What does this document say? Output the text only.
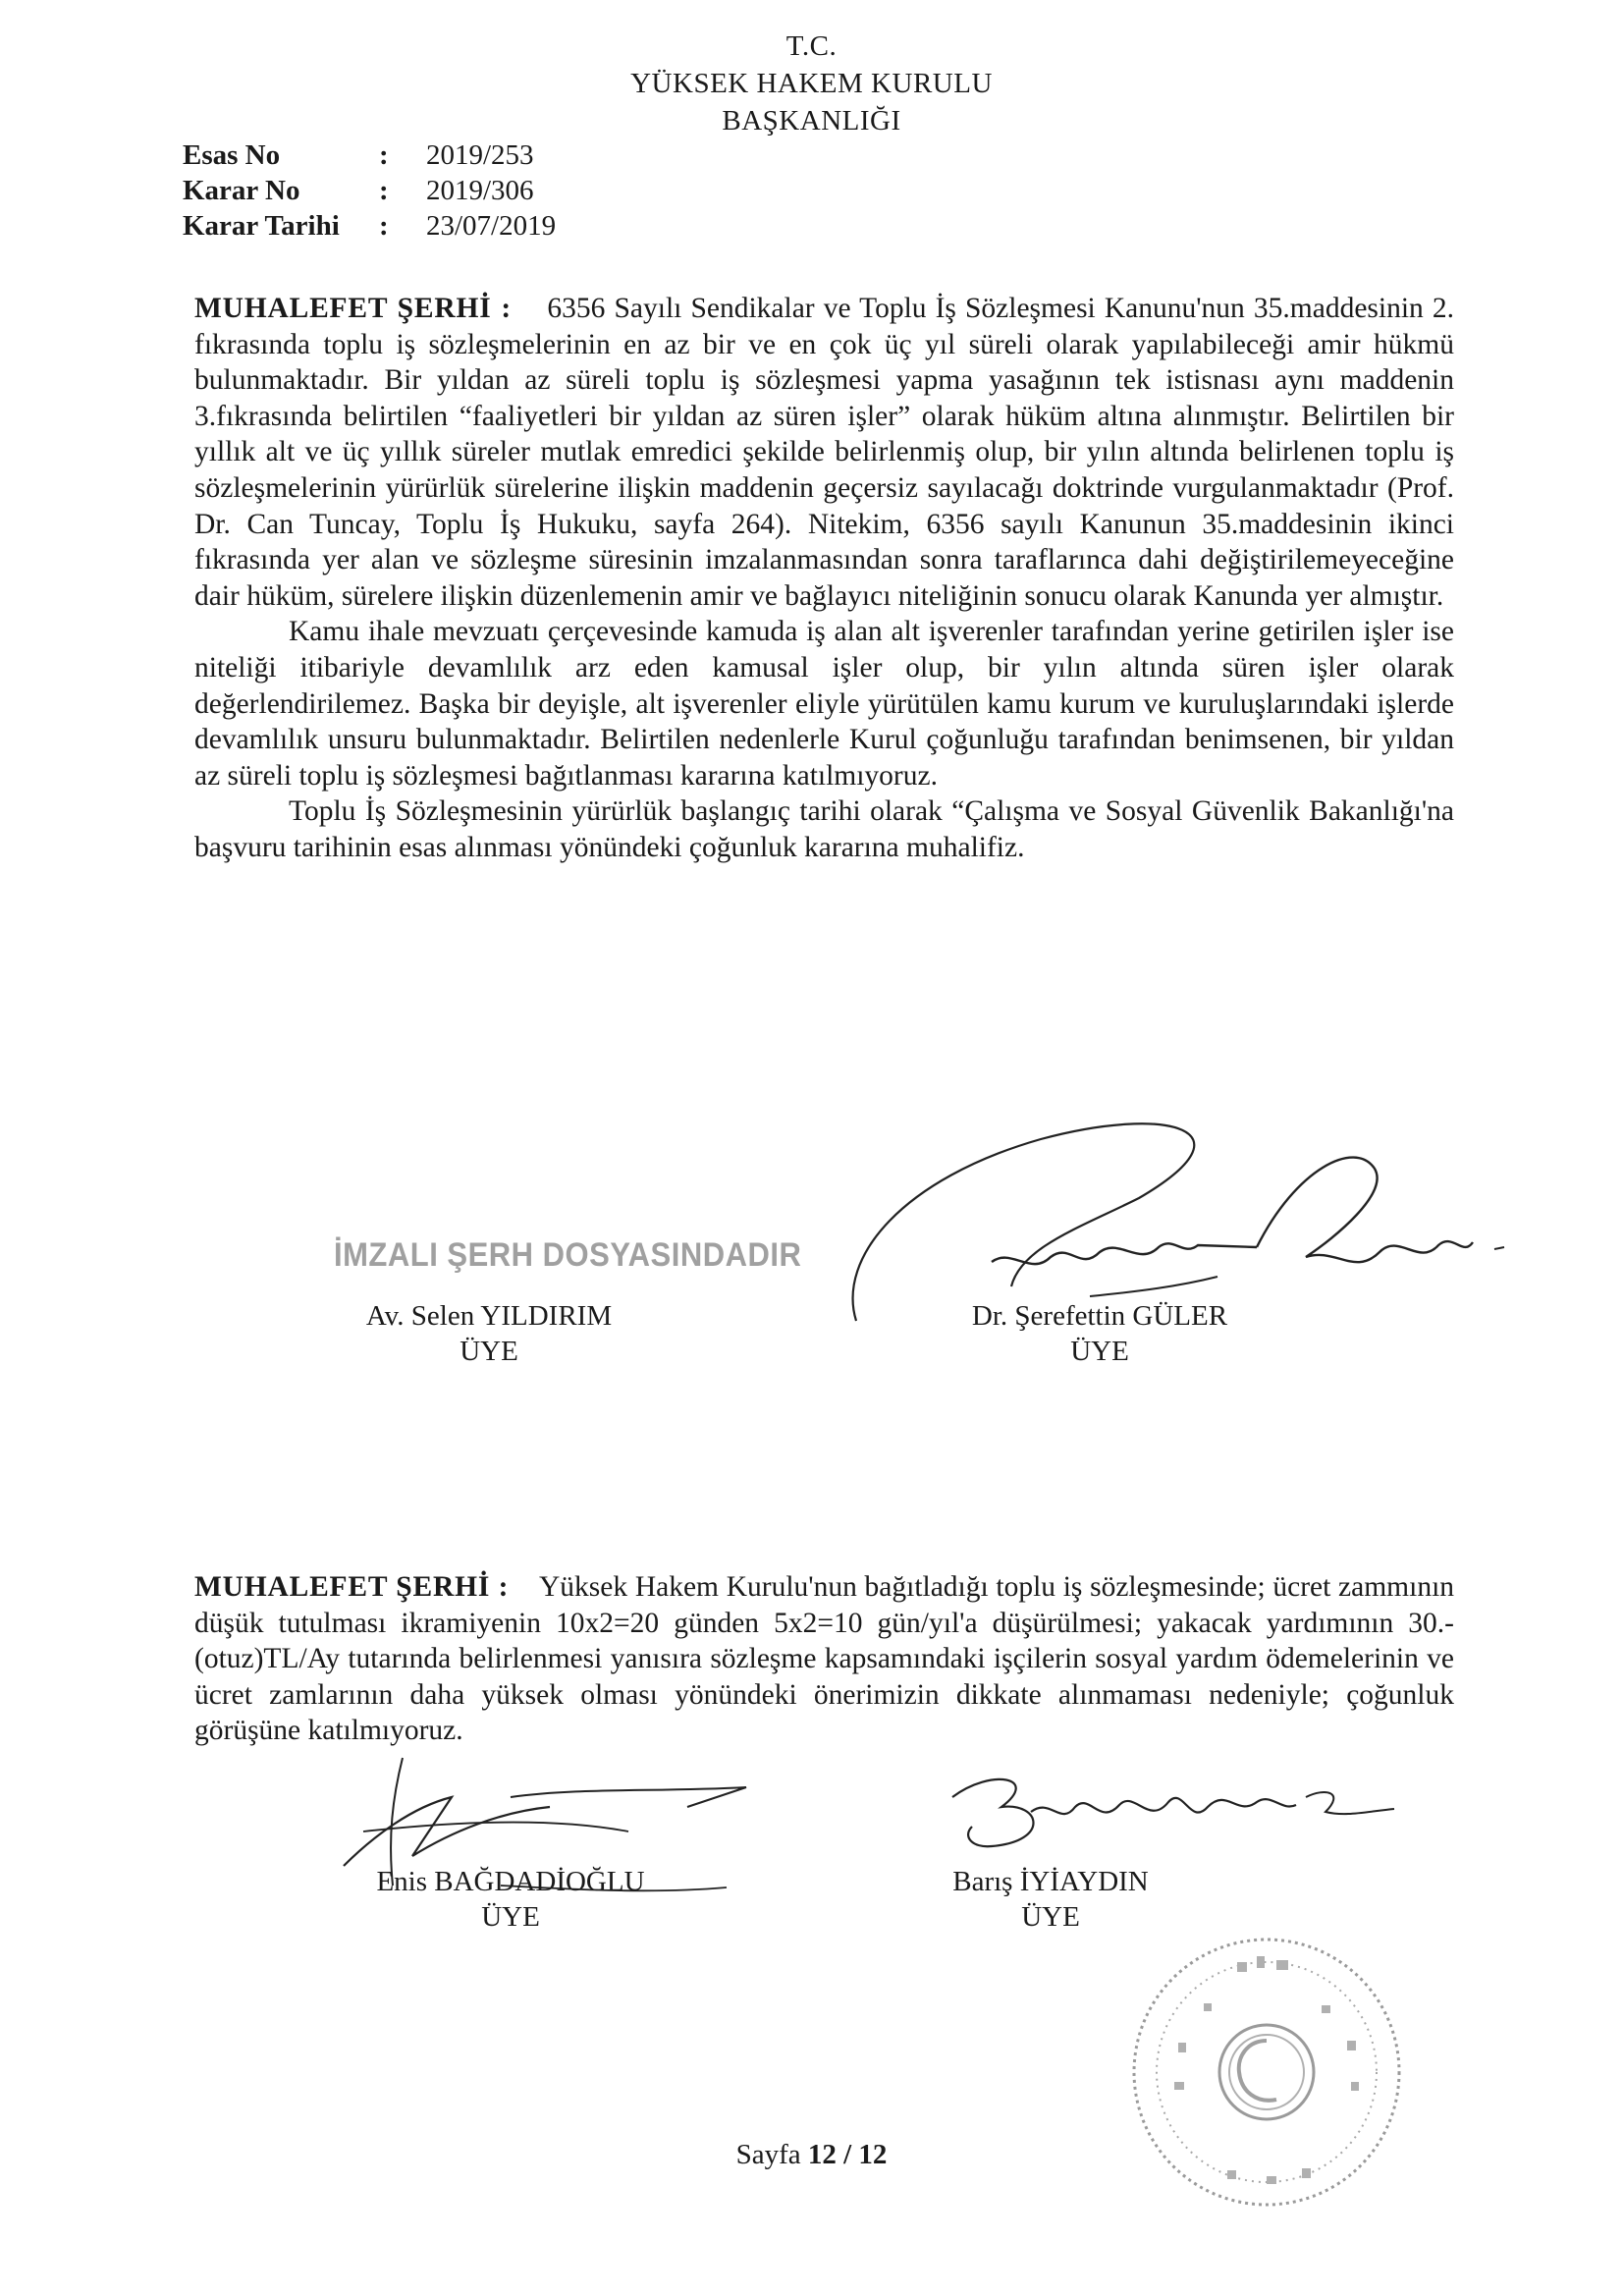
T.C.
YÜKSEK HAKEM KURULU
BAŞKANLIĞI
Esas No	:	2019/253
Karar No	:	2019/306
Karar Tarihi	:	23/07/2019

MUHALEFET ŞERHİ : 6356 Sayılı Sendikalar ve Toplu İş Sözleşmesi Kanunu'nun 35.maddesinin 2. fıkrasında toplu iş sözleşmelerinin en az bir ve en çok üç yıl süreli olarak yapılabileceği amir hükmü bulunmaktadır. Bir yıldan az süreli toplu iş sözleşmesi yapma yasağının tek istisnası aynı maddenin 3.fıkrasında belirtilen “faaliyetleri bir yıldan az süren işler” olarak hüküm altına alınmıştır. Belirtilen bir yıllık alt ve üç yıllık süreler mutlak emredici şekilde belirlenmiş olup, bir yılın altında belirlenen toplu iş sözleşmelerinin yürürlük sürelerine ilişkin maddenin geçersiz sayılacağı doktrinde vurgulanmaktadır (Prof. Dr. Can Tuncay, Toplu İş Hukuku, sayfa 264). Nitekim, 6356 sayılı Kanunun 35.maddesinin ikinci fıkrasında yer alan ve sözleşme süresinin imzalanmasından sonra taraflarınca dahi değiştirilemeyeceğine dair hüküm, sürelere ilişkin düzenlemenin amir ve bağlayıcı niteliğinin sonucu olarak Kanunda yer almıştır.

Kamu ihale mevzuatı çerçevesinde kamuda iş alan alt işverenler tarafından yerine getirilen işler ise niteliği itibariyle devamlılık arz eden kamusal işler olup, bir yılın altında süren işler olarak değerlendirilemez. Başka bir deyişle, alt işverenler eliyle yürütülen kamu kurum ve kuruluşlarındaki işlerde devamlılık unsuru bulunmaktadır. Belirtilen nedenlerle Kurul çoğunluğu tarafından benimsenen, bir yıldan az süreli toplu iş sözleşmesi bağıtlanması kararına katılmıyoruz.

Toplu İş Sözleşmesinin yürürlük başlangıç tarihi olarak “Çalışma ve Sosyal Güvenlik Bakanlığı'na başvuru tarihinin esas alınması yönündeki çoğunluk kararına muhalifiz.

İMZALI ŞERH DOSYASINDADIR
Av. Selen YILDIRIM
ÜYE
Dr. Şerefettin GÜLER
ÜYE

MUHALEFET ŞERHİ : Yüksek Hakem Kurulu'nun bağıtladığı toplu iş sözleşmesinde; ücret zammının düşük tutulması ikramiyenin 10x2=20 günden 5x2=10 gün/yıl'a düşürülmesi; yakacak yardımının 30.-(otuz)TL/Ay tutarında belirlenmesi yanısıra sözleşme kapsamındaki işçilerin sosyal yardım ödemelerinin ve ücret zamlarının daha yüksek olması yönündeki önerimizin dikkate alınmaması nedeniyle; çoğunluk görüşüne katılmıyoruz.

Enis BAĞDADİOĞLU
ÜYE
Barış İYİAYDIN
ÜYE
Sayfa 12 / 12
